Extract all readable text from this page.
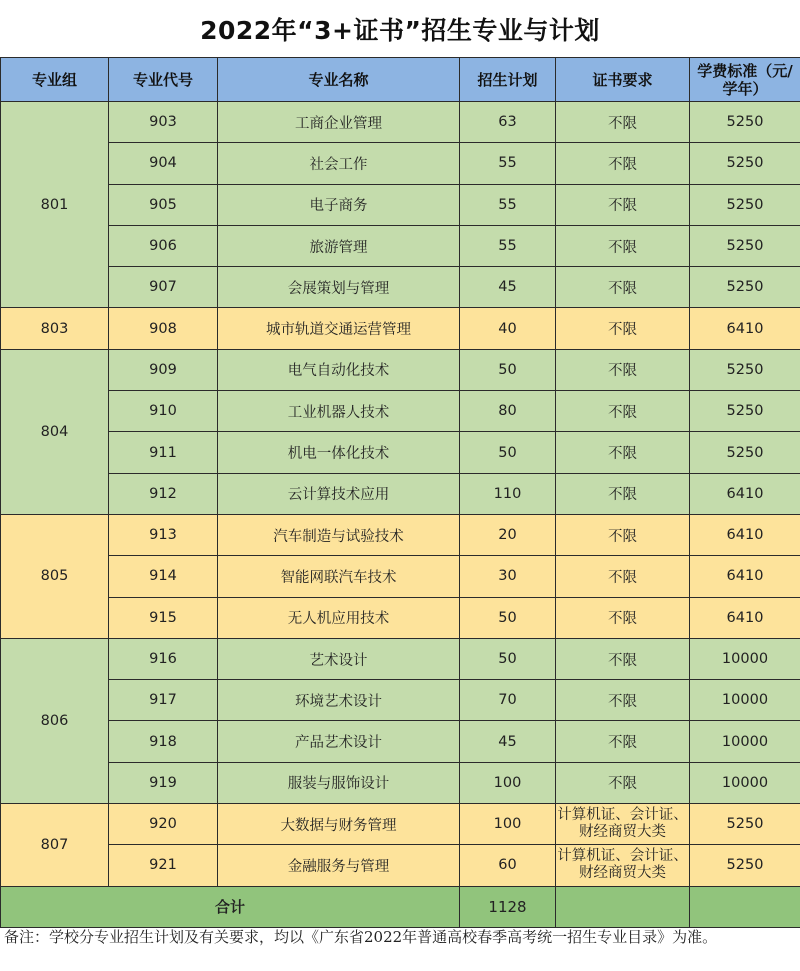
2022年“3+证书”招生专业与计划
专业组	专业代号	专业名称	招生计划	证书要求	学费标准（元/学年）
801	903	工商企业管理	63	不限	5250
	904	社会工作	55	不限	5250
	905	电子商务	55	不限	5250
	906	旅游管理	55	不限	5250
	907	会展策划与管理	45	不限	5250
803	908	城市轨道交通运营管理	40	不限	6410
804	909	电气自动化技术	50	不限	5250
	910	工业机器人技术	80	不限	5250
	911	机电一体化技术	50	不限	5250
	912	云计算技术应用	110	不限	6410
805	913	汽车制造与试验技术	20	不限	6410
	914	智能网联汽车技术	30	不限	6410
	915	无人机应用技术	50	不限	6410
806	916	艺术设计	50	不限	10000
	917	环境艺术设计	70	不限	10000
	918	产品艺术设计	45	不限	10000
	919	服装与服饰设计	100	不限	10000
807	920	大数据与财务管理	100	计算机证、会计证、财经商贸大类	5250
	921	金融服务与管理	60	计算机证、会计证、财经商贸大类	5250
合计			1128		
备注：学校分专业招生计划及有关要求，均以《广东省2022年普通高校春季高考统一招生专业目录》为准。
